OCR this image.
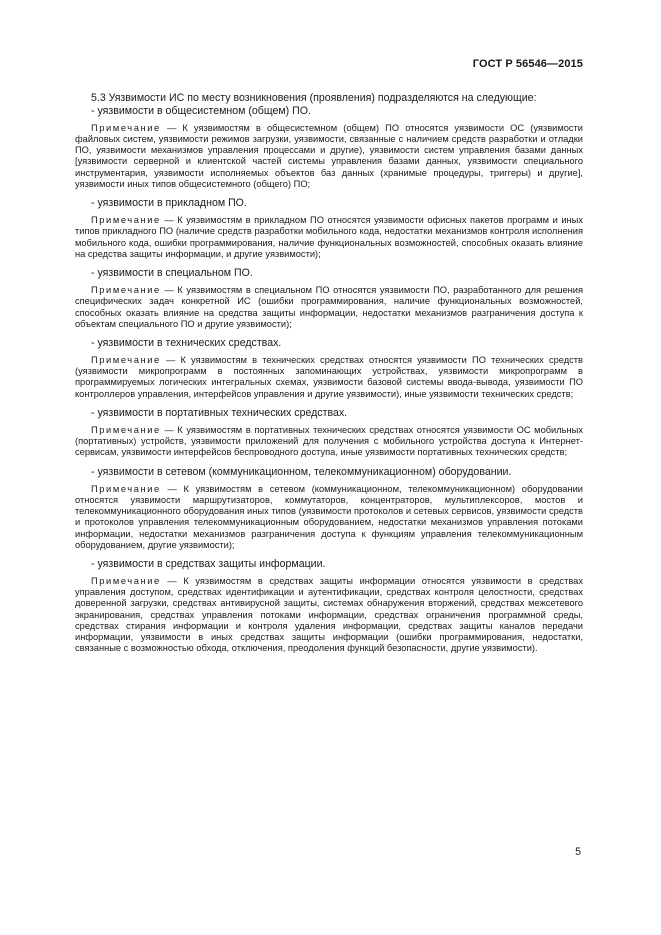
ГОСТ Р 56546—2015

5.3 Уязвимости ИС по месту возникновения (проявления) подразделяются на следующие:

- уязвимости в общесистемном (общем) ПО.

Примечание — К уязвимостям в общесистемном (общем) ПО относятся уязвимости ОС (уязвимости файловых систем, уязвимости режимов загрузки, уязвимости, связанные с наличием средств разработки и отладки ПО, уязвимости механизмов управления процессами и другие), уязвимости систем управления базами данных [уязвимости серверной и клиентской частей системы управления базами данных, уязвимости специального инструментария, уязвимости исполняемых объектов баз данных (хранимые процедуры, триггеры) и другие], уязвимости иных типов общесистемного (общего) ПО;

- уязвимости в прикладном ПО.

Примечание — К уязвимостям в прикладном ПО относятся уязвимости офисных пакетов программ и иных типов прикладного ПО (наличие средств разработки мобильного кода, недостатки механизмов контроля исполнения мобильного кода, ошибки программирования, наличие функциональных возможностей, способных оказать влияние на средства защиты информации, и другие уязвимости);

- уязвимости в специальном ПО.

Примечание — К уязвимостям в специальном ПО относятся уязвимости ПО, разработанного для решения специфических задач конкретной ИС (ошибки программирования, наличие функциональных возможностей, способных оказать влияние на средства защиты информации, недостатки механизмов разграничения доступа к объектам специального ПО и другие уязвимости);

- уязвимости в технических средствах.

Примечание — К уязвимостям в технических средствах относятся уязвимости ПО технических средств (уязвимости микропрограмм в постоянных запоминающих устройствах, уязвимости микропрограмм в программируемых логических интегральных схемах, уязвимости базовой системы ввода-вывода, уязвимости ПО контроллеров управления, интерфейсов управления и другие уязвимости), иные уязвимости технических средств;

- уязвимости в портативных технических средствах.

Примечание — К уязвимостям в портативных технических средствах относятся уязвимости ОС мобильных (портативных) устройств, уязвимости приложений для получения с мобильного устройства доступа к Интернет-сервисам, уязвимости интерфейсов беспроводного доступа, иные уязвимости портативных технических средств;

- уязвимости в сетевом (коммуникационном, телекоммуникационном) оборудовании.

Примечание — К уязвимостям в сетевом (коммуникационном, телекоммуникационном) оборудовании относятся уязвимости маршрутизаторов, коммутаторов, концентраторов, мультиплексоров, мостов и телекоммуникационного оборудования иных типов (уязвимости протоколов и сетевых сервисов, уязвимости средств и протоколов управления телекоммуникационным оборудованием, недостатки механизмов управления потоками информации, недостатки механизмов разграничения доступа к функциям управления телекоммуникационным оборудованием, другие уязвимости);

- уязвимости в средствах защиты информации.

Примечание — К уязвимостям в средствах защиты информации относятся уязвимости в средствах управления доступом, средствах идентификации и аутентификации, средствах контроля целостности, средствах доверенной загрузки, средствах антивирусной защиты, системах обнаружения вторжений, средствах межсетевого экранирования, средствах управления потоками информации, средствах ограничения программной среды, средствах стирания информации и контроля удаления информации, средствах защиты каналов передачи информации, уязвимости в иных средствах защиты информации (ошибки программирования, недостатки, связанные с возможностью обхода, отключения, преодоления функций безопасности, другие уязвимости).

5
